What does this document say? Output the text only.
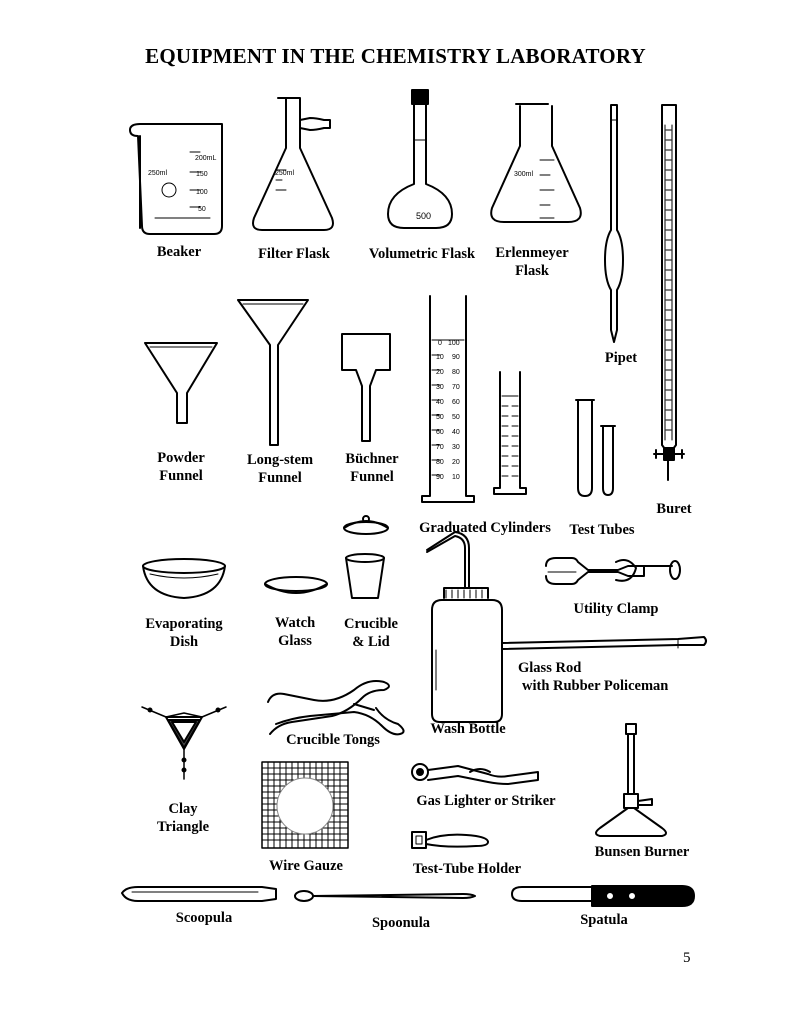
EQUIPMENT IN THE CHEMISTRY LABORATORY
200mL
150
100
50
250ml	250ml
500
300ml
0 100
10 90
20 80
30 70
40 60
50 50
60 40
70 30
80 20
90 10
Beaker	Filter Flask	Volumetric Flask	Erlenmeyer
Flask
Pipet
Buret
Powder
Funnel
Long-stem
Funnel
Büchner
Funnel
Graduated Cylinders	Test Tubes
Evaporating
Dish
Watch
Glass
Crucible
& Lid
Utility Clamp
Glass Rod
with Rubber Policeman
Wash Bottle
Crucible Tongs
Clay
Triangle
Wire Gauze
Gas Lighter or Striker
Test-Tube Holder
Bunsen Burner
Scoopula	Spoonula	Spatula
5
